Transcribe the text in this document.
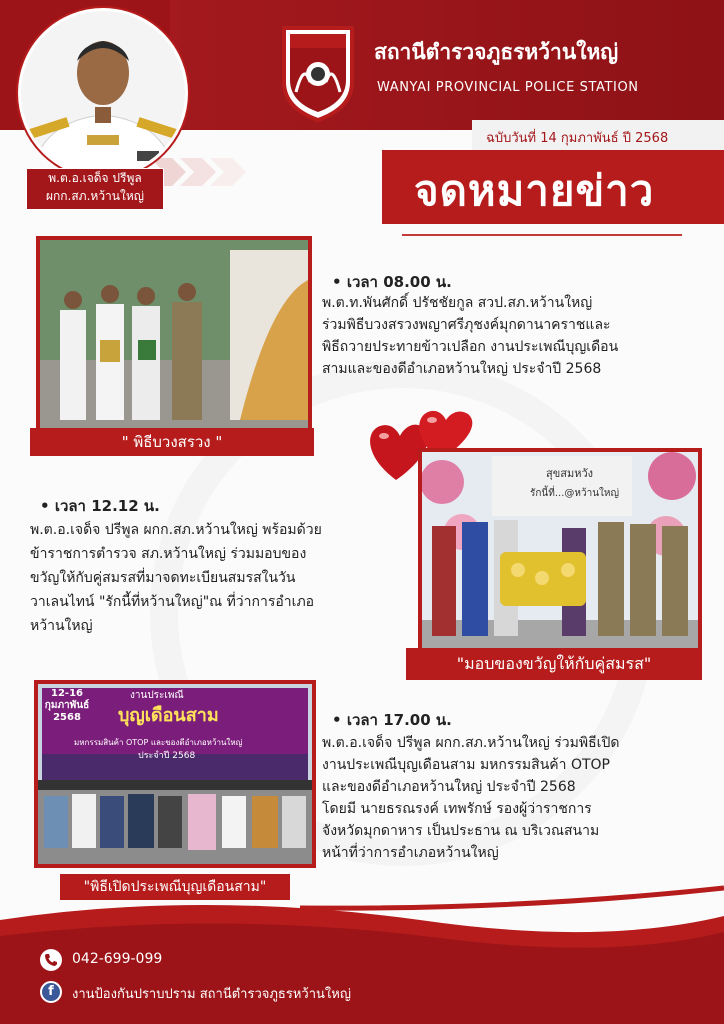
พ.ต.อ.เจด็จ ปรีพูล
ผกก.สภ.หว้านใหญ่
สถานีตำรวจภูธรหว้านใหญ่
WANYAI PROVINCIAL POLICE STATION
ฉบับวันที่ 14 กุมภาพันธ์ ปี 2568
จดหมายข่าว
" พิธีบวงสรวง "
• เวลา 08.00 น.
พ.ต.ท.พันศักดิ์ ปรัชชัยกูล สวป.สภ.หว้านใหญ่
ร่วมพิธีบวงสรวงพญาศรีภุชงค์มุกดานาคราชและ
พิธีถวายประทายข้าวเปลือก งานประเพณีบุญเดือน
สามและของดีอำเภอหว้านใหญ่ ประจำปี 2568
สุขสมหวัง
รักนี้ที่...@หว้านใหญ่
"มอบของขวัญให้กับคู่สมรส"
• เวลา 12.12 น.
พ.ต.อ.เจด็จ ปรีพูล ผกก.สภ.หว้านใหญ่ พร้อมด้วย
ข้าราชการตำรวจ สภ.หว้านใหญ่ ร่วมมอบของ
ขวัญให้กับคู่สมรสที่มาจดทะเบียนสมรสในวัน
วาเลนไทน์ "รักนี้ที่หว้านใหญ่"ณ ที่ว่าการอำเภอ
หว้านใหญ่
12-16
กุมภาพันธ์
2568
งานประเพณี
บุญเดือนสาม
มหกรรมสินค้า OTOP และของดีอำเภอหว้านใหญ่
ประจำปี 2568
"พิธีเปิดประเพณีบุญเดือนสาม"
• เวลา 17.00 น.
พ.ต.อ.เจด็จ ปรีพูล ผกก.สภ.หว้านใหญ่ ร่วมพิธีเปิด
งานประเพณีบุญเดือนสาม มหกรรมสินค้า OTOP
และของดีอำเภอหว้านใหญ่ ประจำปี 2568
โดยมี นายธรณรงค์ เทพรักษ์ รองผู้ว่าราชการ
จังหวัดมุกดาหาร เป็นประธาน ณ บริเวณสนาม
หน้าที่ว่าการอำเภอหว้านใหญ่
042-699-099
f	งานป้องกันปราบปราม สถานีตำรวจภูธรหว้านใหญ่
